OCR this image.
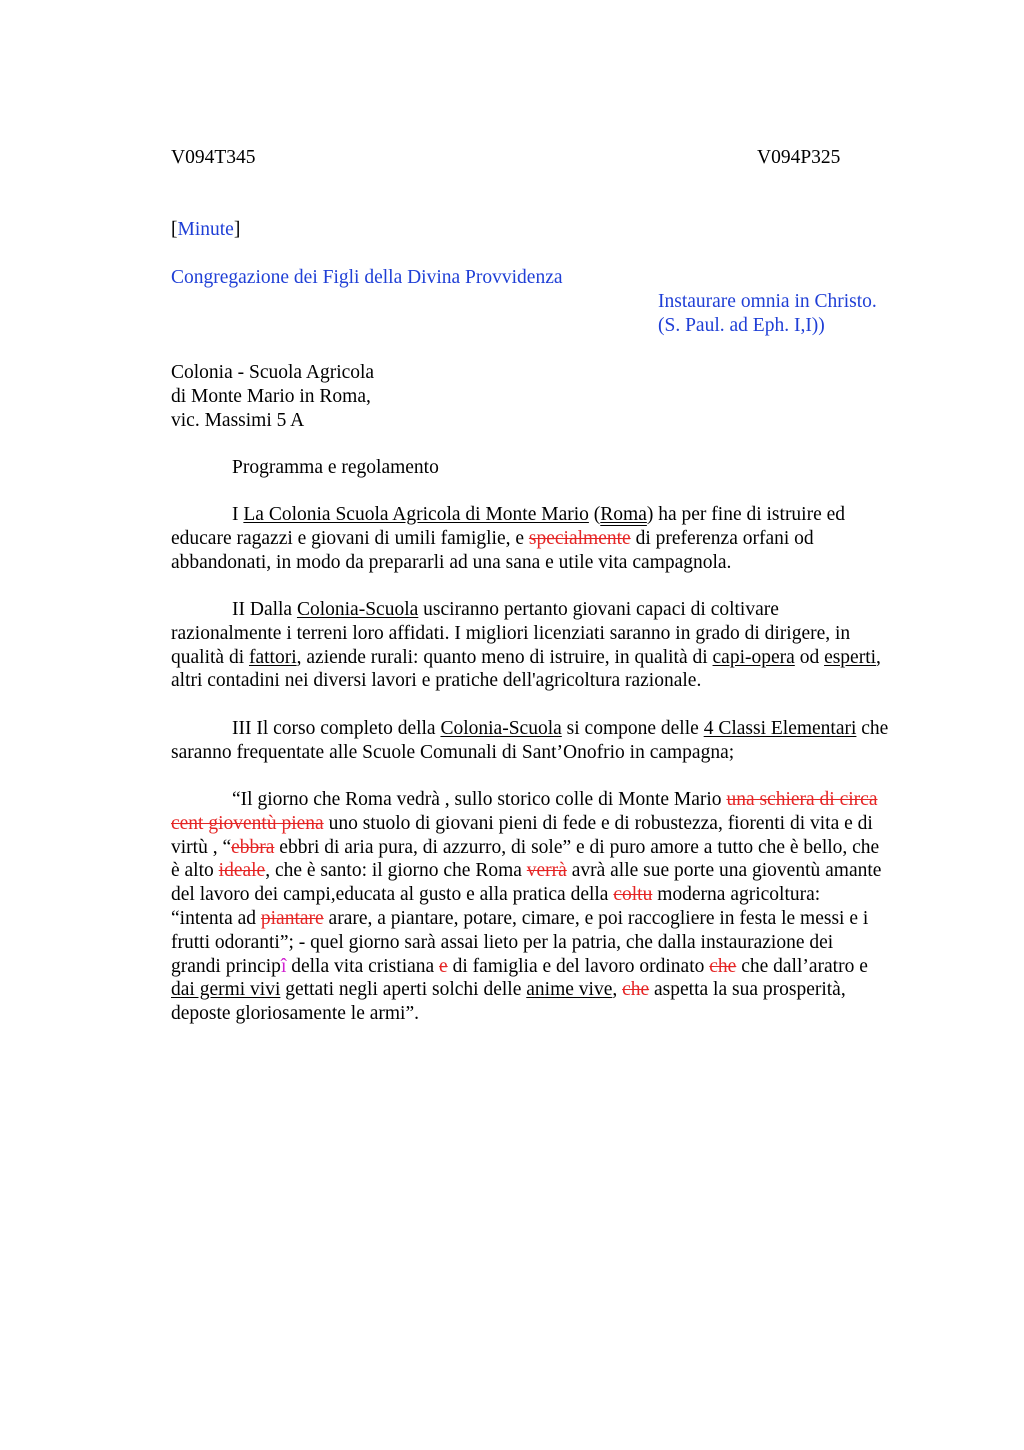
V094T345	V094P325
[Minute]
Congregazione dei Figli della Divina Provvidenza
Instaurare omnia in Christo.
(S. Paul. ad Eph. I,I))
Colonia - Scuola Agricola
di Monte Mario in Roma,
vic. Massimi 5 A
Programma e regolamento
I La Colonia Scuola Agricola di Monte Mario (Roma) ha per fine di istruire ed
educare ragazzi e giovani di umili famiglie, e specialmente di preferenza orfani od
abbandonati, in modo da prepararli ad una sana e utile vita campagnola.
II Dalla Colonia-Scuola usciranno pertanto giovani capaci di coltivare
razionalmente i terreni loro affidati. I migliori licenziati saranno in grado di dirigere, in
qualità di fattori, aziende rurali: quanto meno di istruire, in qualità di capi-opera od esperti,
altri contadini nei diversi lavori e pratiche dell'agricoltura razionale.
III Il corso completo della Colonia-Scuola si compone delle 4 Classi Elementari che
saranno frequentate alle Scuole Comunali di Sant’Onofrio in campagna;
“Il giorno che Roma vedrà , sullo storico colle di Monte Mario una schiera di circa
cent gioventù piena uno stuolo di giovani pieni di fede e di robustezza, fiorenti di vita e di
virtù , “ebbra ebbri di aria pura, di azzurro, di sole” e di puro amore a tutto che è bello, che
è alto ideale, che è santo: il giorno che Roma verrà avrà alle sue porte una gioventù amante
del lavoro dei campi,educata al gusto e alla pratica della coltu moderna agricoltura:
“intenta ad piantare arare, a piantare, potare, cimare, e poi raccogliere in festa le messi e i
frutti odoranti”; - quel giorno sarà assai lieto per la patria, che dalla instaurazione dei
grandi principî della vita cristiana e di famiglia e del lavoro ordinato che che dall’aratro e
dai germi vivi gettati negli aperti solchi delle anime vive, che aspetta la sua prosperità,
deposte gloriosamente le armi”.
